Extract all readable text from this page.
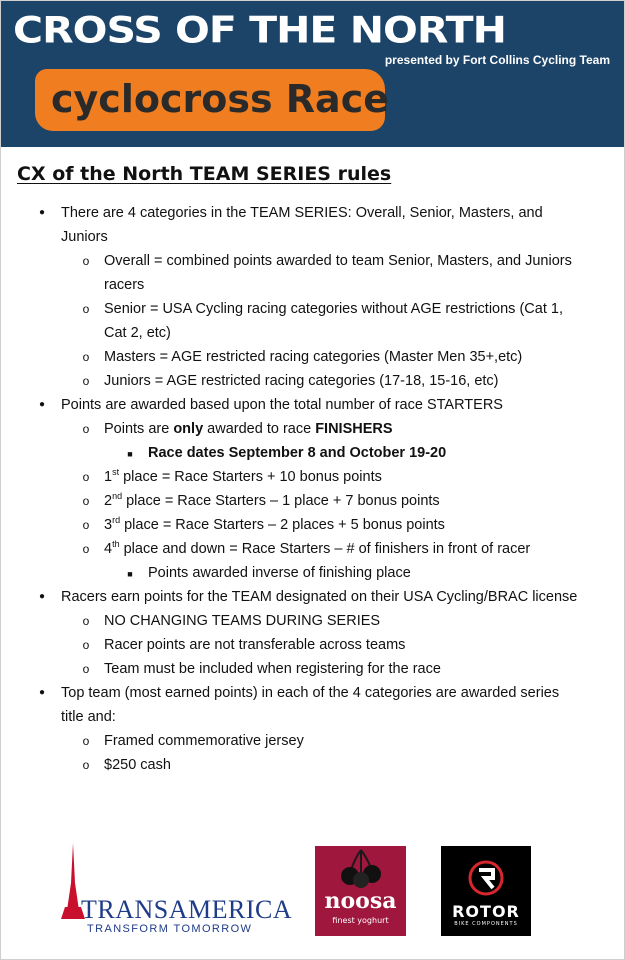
CROSS OF THE NORTH
presented by Fort Collins Cycling Team
cyclocross Race
CX of the North TEAM SERIES rules
● There are 4 categories in the TEAM SERIES: Overall, Senior, Masters, and Juniors
o Overall = combined points awarded to team Senior, Masters, and Juniors racers
o Senior = USA Cycling racing categories without AGE restrictions (Cat 1, Cat 2, etc)
o Masters = AGE restricted racing categories (Master Men 35+,etc)
o Juniors = AGE restricted racing categories (17-18, 15-16, etc)
● Points are awarded based upon the total number of race STARTERS
o Points are only awarded to race FINISHERS
■ Race dates September 8 and October 19-20
o 1st place = Race Starters + 10 bonus points
o 2nd place = Race Starters – 1 place + 7 bonus points
o 3rd place = Race Starters – 2 places + 5 bonus points
o 4th place and down = Race Starters – # of finishers in front of racer
■ Points awarded inverse of finishing place
● Racers earn points for the TEAM designated on their USA Cycling/BRAC license
o NO CHANGING TEAMS DURING SERIES
o Racer points are not transferable across teams
o Team must be included when registering for the race
● Top team (most earned points) in each of the 4 categories are awarded series title and:
o Framed commemorative jersey
o $250 cash
TRANSAMERICA
TRANSFORM TOMORROW
noosa
finest yoghurt	ROTOR
BIKE COMPONENTS
